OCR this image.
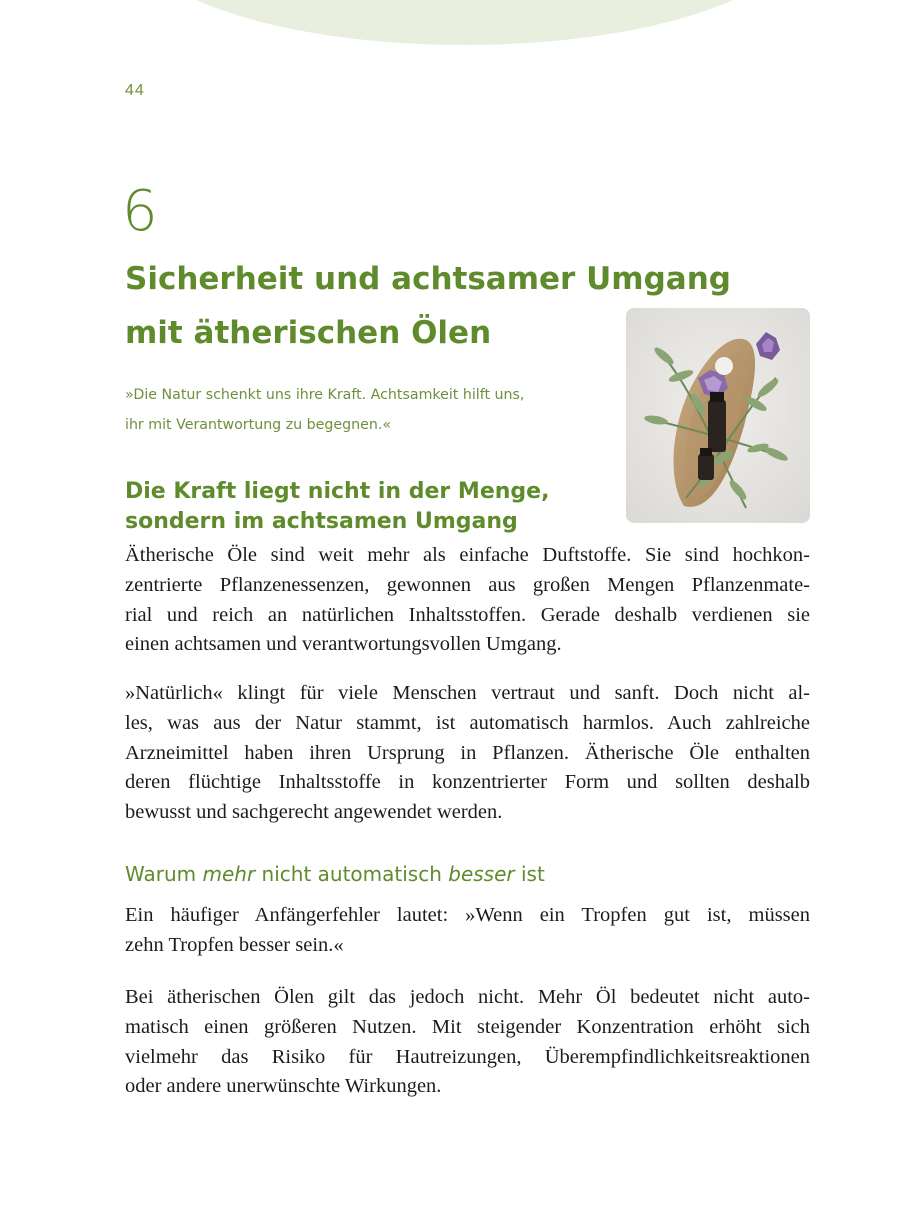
44
6
Sicherheit und achtsamer Umgang
mit ätherischen Ölen
»Die Natur schenkt uns ihre Kraft. Achtsamkeit hilft uns,
ihr mit Verantwortung zu begegnen.«
Die Kraft liegt nicht in der Menge,
sondern im achtsamen Umgang
Ätherische Öle sind weit mehr als einfache Duftstoffe. Sie sind hochkon-
zentrierte Pflanzenessenzen, gewonnen aus großen Mengen Pflanzenmate-
rial und reich an natürlichen Inhaltsstoffen. Gerade deshalb verdienen sie
einen achtsamen und verantwortungsvollen Umgang.
»Natürlich« klingt für viele Menschen vertraut und sanft. Doch nicht al-
les, was aus der Natur stammt, ist automatisch harmlos. Auch zahlreiche
Arzneimittel haben ihren Ursprung in Pflanzen. Ätherische Öle enthalten
deren flüchtige Inhaltsstoffe in konzentrierter Form und sollten deshalb
bewusst und sachgerecht angewendet werden.
Warum mehr nicht automatisch besser ist
Ein häufiger Anfängerfehler lautet: »Wenn ein Tropfen gut ist, müssen
zehn Tropfen besser sein.«
Bei ätherischen Ölen gilt das jedoch nicht. Mehr Öl bedeutet nicht auto-
matisch einen größeren Nutzen. Mit steigender Konzentration erhöht sich
vielmehr das Risiko für Hautreizungen, Überempfindlichkeitsreaktionen
oder andere unerwünschte Wirkungen.
